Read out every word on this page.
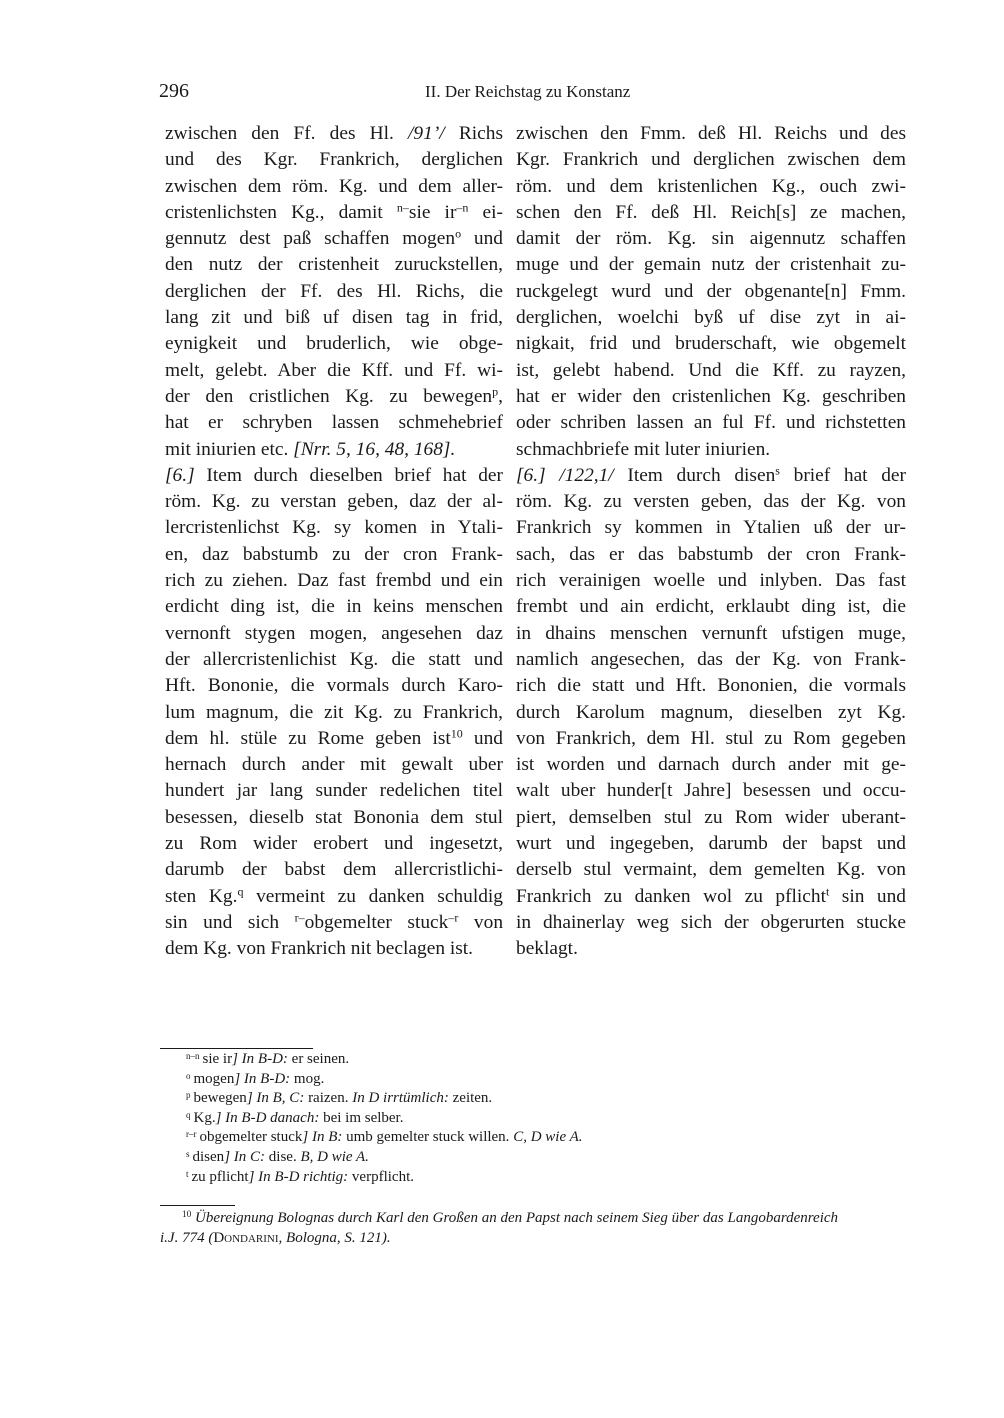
296	II. Der Reichstag zu Konstanz
zwischen den Ff. des Hl. /91’/ Richs
und des Kgr. Frankrich, derglichen
zwischen dem röm. Kg. und dem aller-
cristenlichsten Kg., damit $^{n-}$sie $ir^{-n}$ ei-
gennutz dest paß schaffen mogen$^o$ und
den nutz der cristenheit zuruckstellen,
derglichen der Ff. des Hl. Richs, die
lang zit und biß uf disen tag in frid,
eynigkeit und bruderlich, wie obge-
melt, gelebt. Aber die Kff. und Ff. wi-
der den cristlichen Kg. zu bewegen$^p$,
hat er schryben lassen schmehebrief
mit iniurien etc. [Nrr. 5, 16, 48, 168].
[6.] Item durch dieselben brief hat der
röm. Kg. zu verstan geben, daz der al-
lercristenlichst Kg. sy komen in Ytali-
en, daz babstumb zu der cron Frank-
rich zu ziehen. Daz fast frembd und ein
erdicht ding ist, die in keins menschen
vernonft stygen mogen, angesehen daz
der allercristenlichist Kg. die statt und
Hft. Bononie, die vormals durch Karo-
lum magnum, die zit Kg. zu Frankrich,
dem hl. stüle zu Rome geben ist$^{10}$ und
hernach durch ander mit gewalt uber
hundert jar lang sunder redelichen titel
besessen, dieselb stat Bononia dem stul
zu Rom wider erobert und ingesetzt,
darumb der babst dem allercristlichi-
sten Kg.$^q$ vermeint zu danken schuldig
sin und sich $^{r-}$obgemelter stuck$^{-r}$ von
dem Kg. von Frankrich nit beclagen ist.
zwischen den Fmm. deß Hl. Reichs und des
Kgr. Frankrich und derglichen zwischen dem
röm. und dem kristenlichen Kg., ouch zwi-
schen den Ff. deß Hl. Reich[s] ze machen,
damit der röm. Kg. sin aigennutz schaffen
muge und der gemain nutz der cristenhait zu-
ruckgelegt wurd und der obgenante[n] Fmm.
derglichen, woelchi byß uf dise zyt in ai-
nigkait, frid und bruderschaft, wie obgemelt
ist, gelebt habend. Und die Kff. zu rayzen,
hat er wider den cristenlichen Kg. geschriben
oder schriben lassen an ful Ff. und richstetten
schmachbriefe mit luter iniurien.
[6.] /122,1/ Item durch disen$^s$ brief hat der
röm. Kg. zu versten geben, das der Kg. von
Frankrich sy kommen in Ytalien uß der ur-
sach, das er das babstumb der cron Frank-
rich verainigen woelle und inlyben. Das fast
frembt und ain erdicht, erklaubt ding ist, die
in dhains menschen vernunft ufstigen muge,
namlich angesechen, das der Kg. von Frank-
rich die statt und Hft. Bononien, die vormals
durch Karolum magnum, dieselben zyt Kg.
von Frankrich, dem Hl. stul zu Rom gegeben
ist worden und darnach durch ander mit ge-
walt uber hunder[t Jahre] besessen und occu-
piert, demselben stul zu Rom wider uberant-
wurt und ingegeben, darumb der bapst und
derselb stul vermaint, dem gemelten Kg. von
Frankrich zu danken wol zu pflicht$^t$ sin und
in dhainerlay weg sich der obgerurten stucke
beklagt.
$^{n-n}$ sie ir] In B-D: er seinen.
$^o$ mogen] In B-D: mog.
$^p$ bewegen] In B, C: raizen. In D irrtümlich: zeiten.
$^q$ Kg.] In B-D danach: bei im selber.
$^{r-r}$ obgemelter stuck] In B: umb gemelter stuck willen. C, D wie A.
$^s$ disen] In C: dise. B, D wie A.
$^t$ zu pflicht] In B-D richtig: verpflicht.
$^{10}$ Übereignung Bolognas durch Karl den Großen an den Papst nach seinem Sieg über das Langobardenreich
i.J. 774 (Dondarini, Bologna, S. 121).
